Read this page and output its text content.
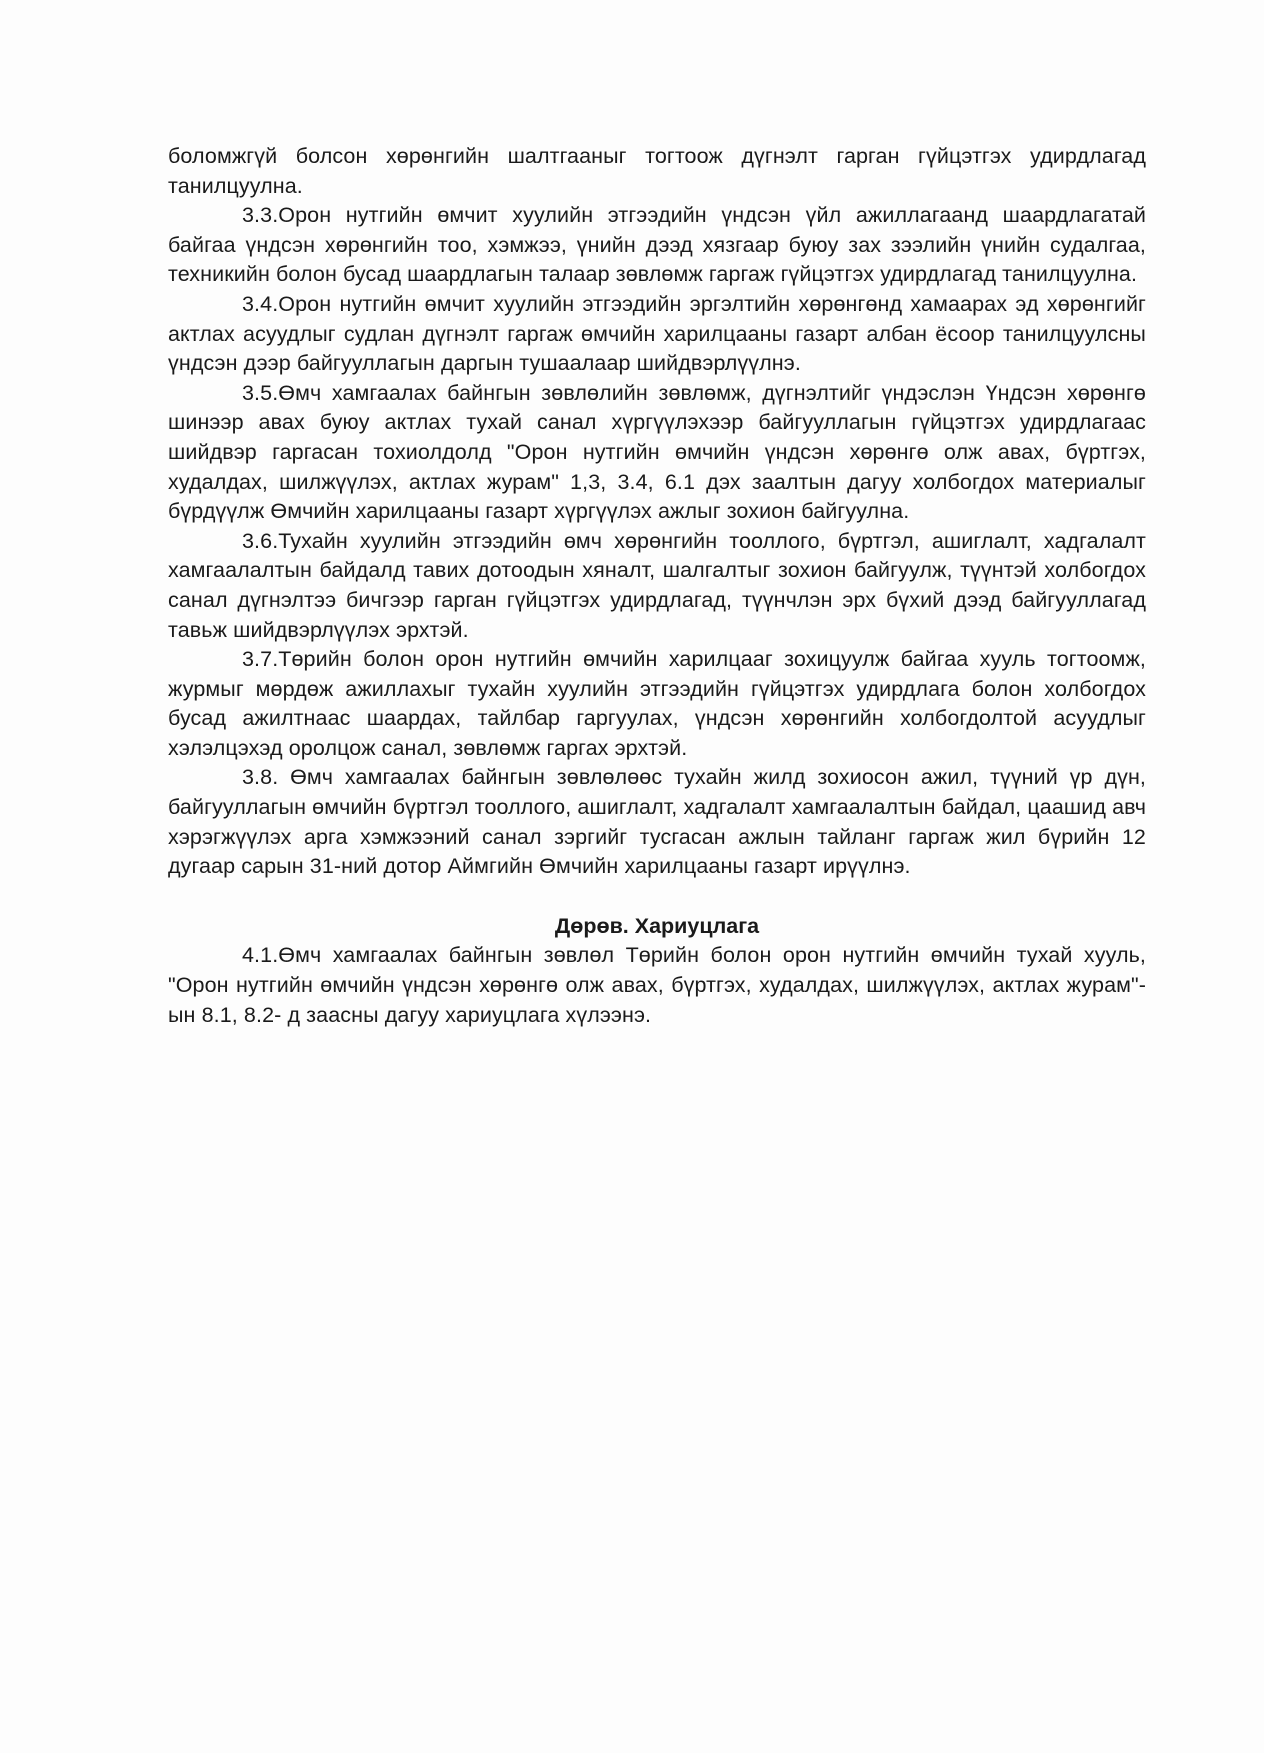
боломжгүй болсон хөрөнгийн шалтгааныг тогтоож дүгнэлт гарган гүйцэтгэх удирдлагад танилцуулна.

3.3.Орон нутгийн өмчит хуулийн этгээдийн үндсэн үйл ажиллагаанд шаардлагатай байгаа үндсэн хөрөнгийн тоо, хэмжээ, үнийн дээд хязгаар буюу зах зээлийн үнийн судалгаа, техникийн болон бусад шаардлагын талаар зөвлөмж гаргаж гүйцэтгэх удирдлагад танилцуулна.

3.4.Орон нутгийн өмчит хуулийн этгээдийн эргэлтийн хөрөнгөнд хамаарах эд хөрөнгийг актлах асуудлыг судлан дүгнэлт гаргаж өмчийн харилцааны газарт албан ёсоор танилцуулсны үндсэн дээр байгууллагын даргын тушаалаар шийдвэрлүүлнэ.

3.5.Өмч хамгаалах байнгын зөвлөлийн зөвлөмж, дүгнэлтийг үндэслэн Үндсэн хөрөнгө шинээр авах буюу актлах тухай санал хүргүүлэхээр байгууллагын гүйцэтгэх удирдлагаас шийдвэр гаргасан тохиолдолд "Орон нутгийн өмчийн үндсэн хөрөнгө олж авах, бүртгэх, худалдах, шилжүүлэх, актлах журам" 1,3, 3.4, 6.1 дэх заалтын дагуу холбогдох материалыг бүрдүүлж Өмчийн харилцааны газарт хүргүүлэх ажлыг зохион байгуулна.

3.6.Тухайн хуулийн этгээдийн өмч хөрөнгийн тооллого, бүртгэл, ашиглалт, хадгалалт хамгаалалтын байдалд тавих дотоодын хяналт, шалгалтыг зохион байгуулж, түүнтэй холбогдох санал дүгнэлтээ бичгээр гарган гүйцэтгэх удирдлагад, түүнчлэн эрх бүхий дээд байгууллагад тавьж шийдвэрлүүлэх эрхтэй.

3.7.Төрийн болон орон нутгийн өмчийн харилцааг зохицуулж байгаа хууль тогтоомж, журмыг мөрдөж ажиллахыг тухайн хуулийн этгээдийн гүйцэтгэх удирдлага болон холбогдох бусад ажилтнаас шаардах, тайлбар гаргуулах, үндсэн хөрөнгийн холбогдолтой асуудлыг хэлэлцэхэд оролцож санал, зөвлөмж гаргах эрхтэй.

3.8. Өмч хамгаалах байнгын зөвлөлөөс тухайн жилд зохиосон ажил, түүний үр дүн, байгууллагын өмчийн бүртгэл тооллого, ашиглалт, хадгалалт хамгаалалтын байдал, цаашид авч хэрэгжүүлэх арга хэмжээний санал зэргийг тусгасан ажлын тайланг гаргаж жил бүрийн 12 дугаар сарын 31-ний дотор Аймгийн Өмчийн харилцааны газарт ирүүлнэ.

Дөрөв. Хариуцлага

4.1.Өмч хамгаалах байнгын зөвлөл Төрийн болон орон нутгийн өмчийн тухай хууль, "Орон нутгийн өмчийн үндсэн хөрөнгө олж авах, бүртгэх, худалдах, шилжүүлэх, актлах журам"-ын 8.1, 8.2- д заасны дагуу хариуцлага хүлээнэ.
